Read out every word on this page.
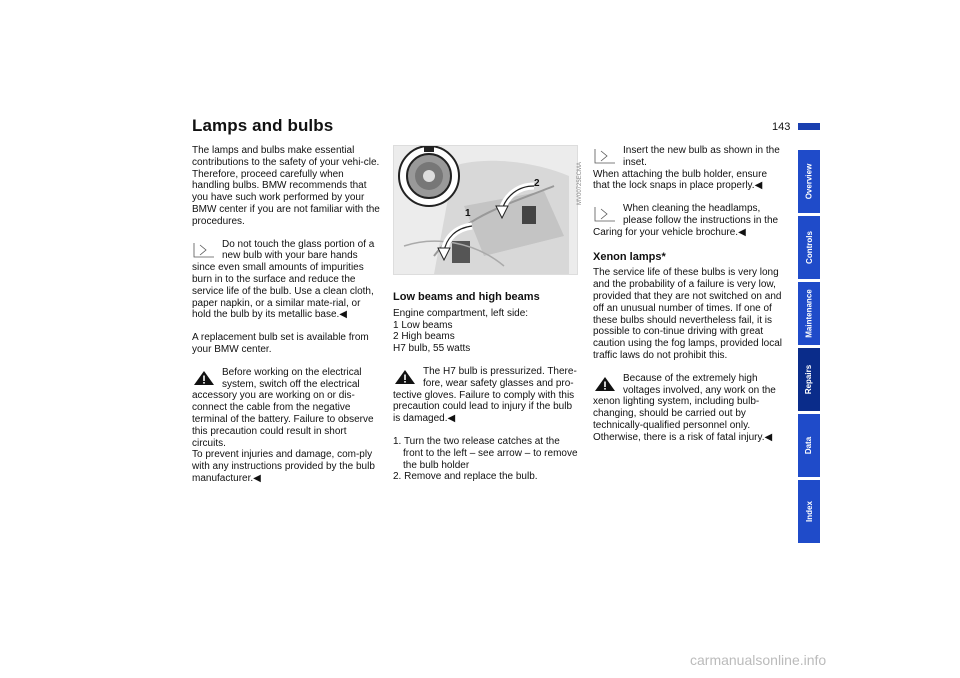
Lamps and bulbs	143

The lamps and bulbs make essential contributions to the safety of your vehi-cle. Therefore, proceed carefully when handling bulbs. BMW recommends that you have such work performed by your BMW center if you are not familiar with the procedures.

Do not touch the glass portion of a new bulb with your bare hands since even small amounts of impurities burn in to the surface and reduce the service life of the bulb. Use a clean cloth, paper napkin, or a similar mate-rial, or hold the bulb by its metallic base.◀

A replacement bulb set is available from your BMW center.

Before working on the electrical system, switch off the electrical accessory you are working on or dis-connect the cable from the negative terminal of the battery. Failure to observe this precaution could result in short circuits.

To prevent injuries and damage, com-ply with any instructions provided by the bulb manufacturer.◀

1
2
Low beams and high beams

Engine compartment, left side:

1 Low beams

2 High beams

H7 bulb, 55 watts

The H7 bulb is pressurized. There-fore, wear safety glasses and pro-tective gloves. Failure to comply with this precaution could lead to injury if the bulb is damaged.◀

1. Turn the two release catches at the front to the left – see arrow – to remove the bulb holder

2. Remove and replace the bulb.

MV00725ECMA

Insert the new bulb as shown in the inset.

When attaching the bulb holder, ensure that the lock snaps in place properly.◀

When cleaning the headlamps, please follow the instructions in the Caring for your vehicle brochure.◀

Xenon lamps*

The service life of these bulbs is very long and the probability of a failure is very low, provided that they are not switched on and off an unusual number of times. If one of these bulbs should nevertheless fail, it is possible to con-tinue driving with great caution using the fog lamps, provided local traffic laws do not prohibit this.

Because of the extremely high voltages involved, any work on the xenon lighting system, including bulb-changing, should be carried out by technically-qualified personnel only. Otherwise, there is a risk of fatal injury.◀

Overview
Controls
Maintenance
Repairs
Data
Index
carmanualsonline.info
